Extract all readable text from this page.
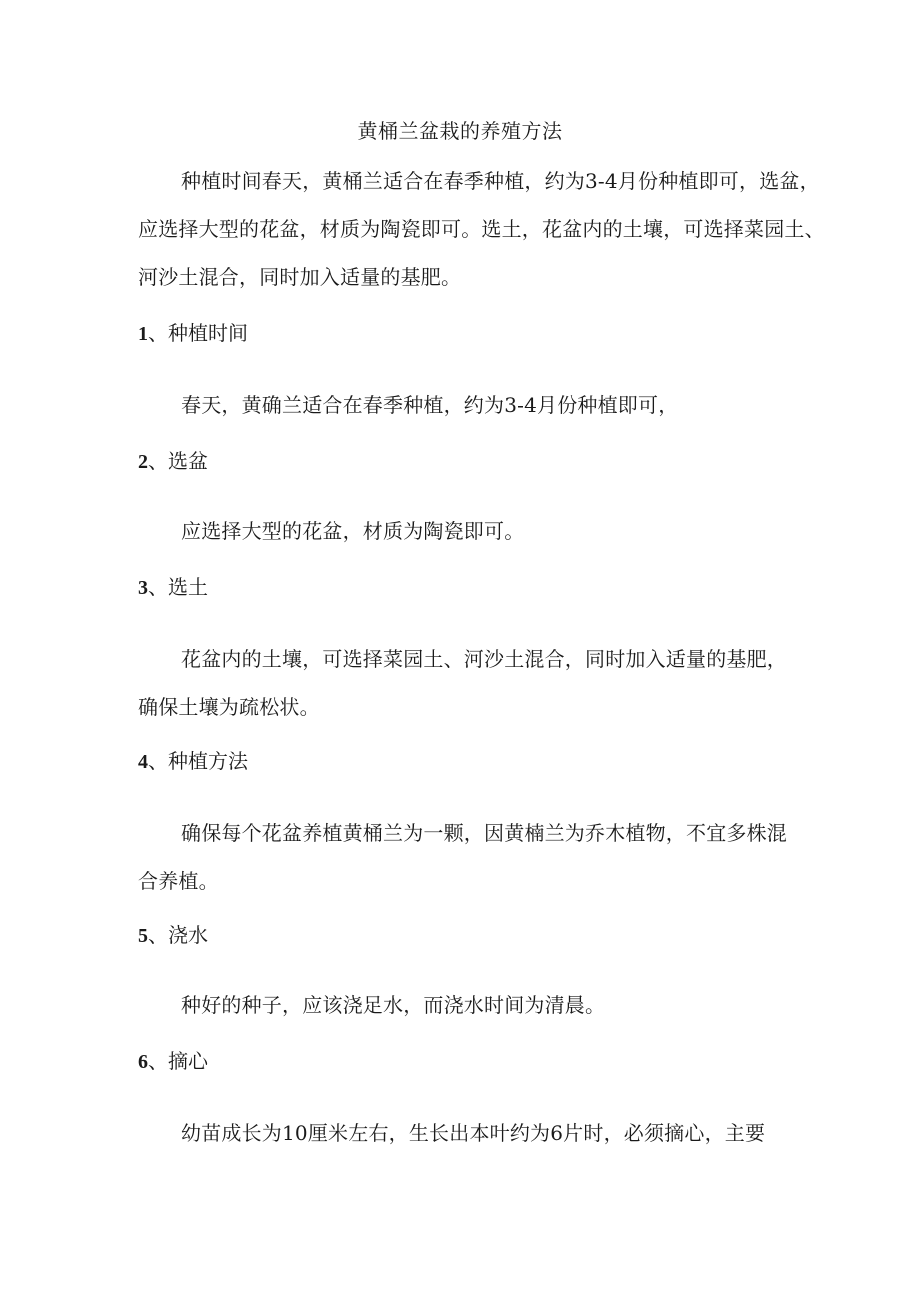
黄桶兰盆栽的养殖方法
种植时间春天，黄桶兰适合在春季种植，约为3-4月份种植即可，选盆，
应选择大型的花盆，材质为陶瓷即可。选土，花盆内的土壤，可选择菜园土、
河沙土混合，同时加入适量的基肥。
1、种植时间
春天，黄确兰适合在春季种植，约为3-4月份种植即可，
2、选盆
应选择大型的花盆，材质为陶瓷即可。
3、选土
花盆内的土壤，可选择菜园土、河沙土混合，同时加入适量的基肥，
确保土壤为疏松状。
4、种植方法
确保每个花盆养植黄桶兰为一颗，因黄楠兰为乔木植物，不宜多株混
合养植。
5、浇水
种好的种子，应该浇足水，而浇水时间为清晨。
6、摘心
幼苗成长为10厘米左右，生长出本叶约为6片时，必须摘心，主要
